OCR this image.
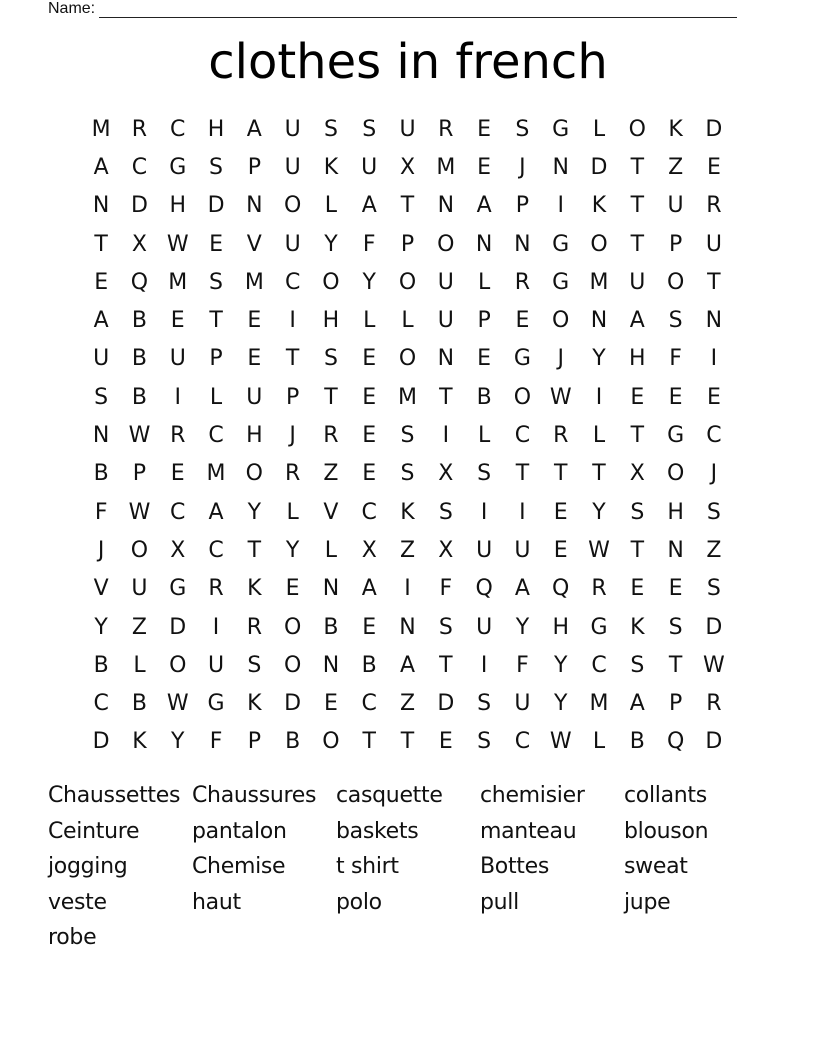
Name:
clothes in french
M R	C	H	A	U	S	S	U	R	E	S	G	L	O	K	D
A	C	G	S	P	U	K	U	X M E	J	N D	T	Z	E
N D H D N O	L	A	T	N	A	P	I	K	T	U	R
T	X W E	V	U	Y	F	P	O N N G O	T	P	U
E	Q M S M C O	Y	O U	L	R	G M U O	T
A	B	E	T	E	I	H	L	L	U	P	E	O N	A	S	N
U	B	U	P	E	T	S	E	O N	E	G	J	Y	H	F	I
S	B	I	L	U	P	T	E M	T	B	O W	I	E	E	E
N W R	C	H	J	R	E	S	I	L	C	R	L	T	G	C
B	P	E M O R	Z	E	S	X	S	T	T	T	X	O	J
F W C	A	Y	L	V	C	K	S	I	I	E	Y	S	H	S
J	O	X	C	T	Y	L	X	Z	X	U	U	E W T	N	Z
V	U G	R	K	E	N	A	I	F	Q	A	Q R	E	E	S
Y	Z	D	I	R O	B	E	N	S	U	Y	H G	K	S	D
B	L	O U	S	O N	B	A	T	I	F	Y	C	S	T W
C	B W G	K	D	E	C	Z	D	S	U	Y	M A	P	R
D	K	Y	F	P	B	O	T	T	E	S	C W L	B	Q D
Chaussettes Chaussures casquette	chemisier	collants
Ceinture	pantalon	baskets	manteau	blouson
jogging	Chemise	t shirt	Bottes	sweat
veste	haut	polo	pull	jupe
robe
